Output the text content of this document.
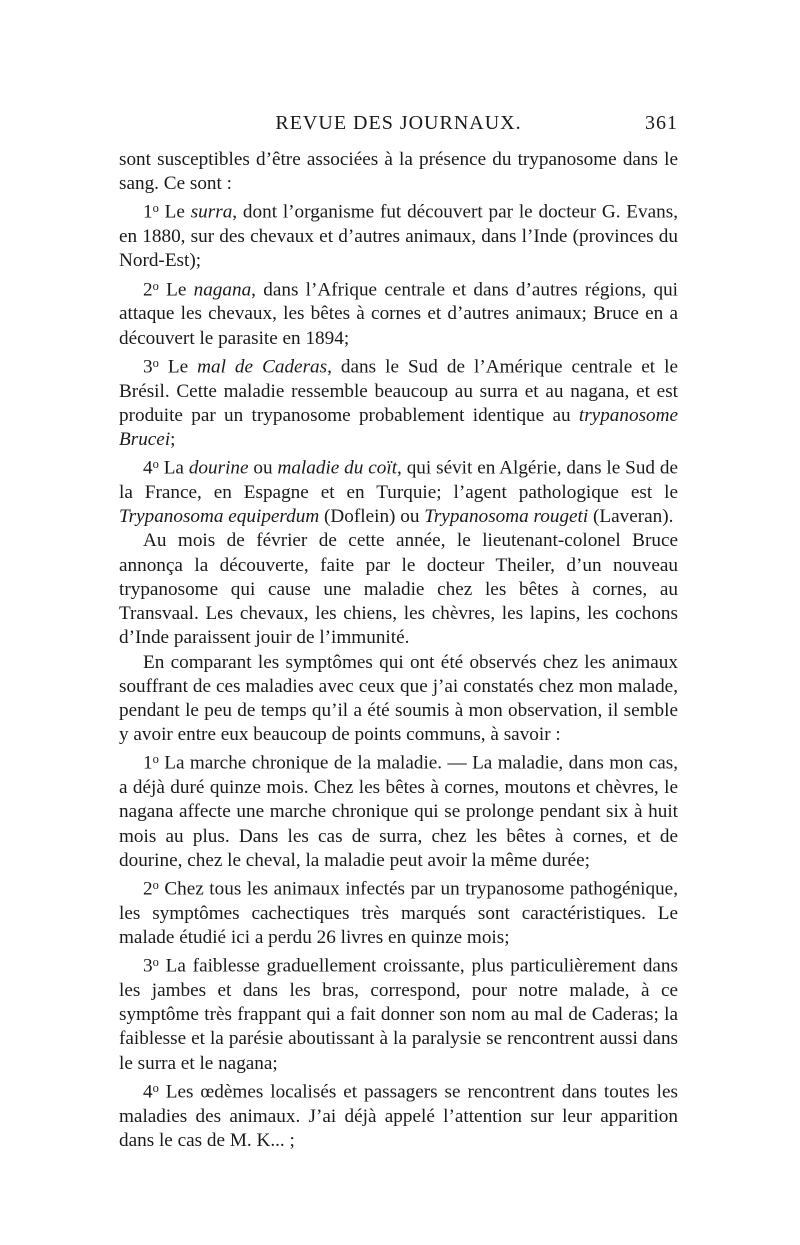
REVUE DES JOURNAUX.	361

sont susceptibles d’être associées à la présence du trypanosome dans le sang. Ce sont :

1$^o$ Le surra, dont l’organisme fut découvert par le docteur G. Evans, en 1880, sur des chevaux et d’autres animaux, dans l’Inde (provinces du Nord-Est);

2$^o$ Le nagana, dans l’Afrique centrale et dans d’autres régions, qui attaque les chevaux, les bêtes à cornes et d’autres animaux; Bruce en a découvert le parasite en 1894;

3$^o$ Le mal de Caderas, dans le Sud de l’Amérique centrale et le Brésil. Cette maladie ressemble beaucoup au surra et au nagana, et est produite par un trypanosome probablement identique au trypanosome Brucei;

4$^o$ La dourine ou maladie du coït, qui sévit en Algérie, dans le Sud de la France, en Espagne et en Turquie; l’agent pathologique est le Trypanosoma equiperdum (Doflein) ou Trypanosoma rougeti (Laveran).

Au mois de février de cette année, le lieutenant-colonel Bruce annonça la découverte, faite par le docteur Theiler, d’un nouveau trypanosome qui cause une maladie chez les bêtes à cornes, au Transvaal. Les chevaux, les chiens, les chèvres, les lapins, les cochons d’Inde paraissent jouir de l’immunité.

En comparant les symptômes qui ont été observés chez les animaux souffrant de ces maladies avec ceux que j’ai constatés chez mon malade, pendant le peu de temps qu’il a été soumis à mon observation, il semble y avoir entre eux beaucoup de points communs, à savoir :

1$^o$ La marche chronique de la maladie. — La maladie, dans mon cas, a déjà duré quinze mois. Chez les bêtes à cornes, moutons et chèvres, le nagana affecte une marche chronique qui se prolonge pendant six à huit mois au plus. Dans les cas de surra, chez les bêtes à cornes, et de dourine, chez le cheval, la maladie peut avoir la même durée;

2$^o$ Chez tous les animaux infectés par un trypanosome pathogénique, les symptômes cachectiques très marqués sont caractéristiques. Le malade étudié ici a perdu 26 livres en quinze mois;

3$^o$ La faiblesse graduellement croissante, plus particulièrement dans les jambes et dans les bras, correspond, pour notre malade, à ce symptôme très frappant qui a fait donner son nom au mal de Caderas; la faiblesse et la parésie aboutissant à la paralysie se rencontrent aussi dans le surra et le nagana;

4$^o$ Les œdèmes localisés et passagers se rencontrent dans toutes les maladies des animaux. J’ai déjà appelé l’attention sur leur apparition dans le cas de M. K... ;
